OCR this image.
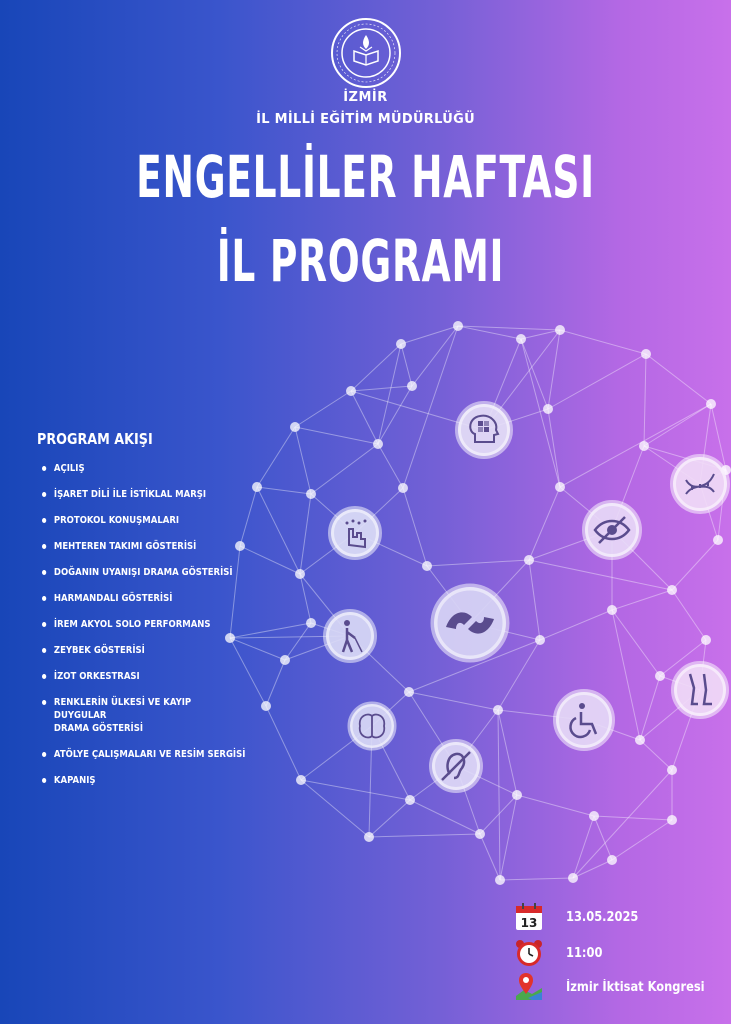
İZMİR
İL MİLLİ EĞİTİM MÜDÜRLÜĞÜ
ENGELLİLER HAFTASI
İL PROGRAMI
PROGRAM AKIŞI
AÇILIŞ
İŞARET DİLİ İLE İSTİKLAL MARŞI
PROTOKOL KONUŞMALARI
MEHTEREN TAKIMI GÖSTERİSİ
DOĞANIN UYANIŞI DRAMA GÖSTERİSİ
HARMANDALI GÖSTERİSİ
İREM AKYOL SOLO PERFORMANS
ZEYBEK GÖSTERİSİ
İZOT ORKESTRASI
RENKLERİN ÜLKESİ VE KAYIP DUYGULAR
DRAMA GÖSTERİSİ
ATÖLYE ÇALIŞMALARI VE RESİM SERGİSİ
KAPANIŞ
13 13.05.2025
11:00
İzmir İktisat Kongresi
